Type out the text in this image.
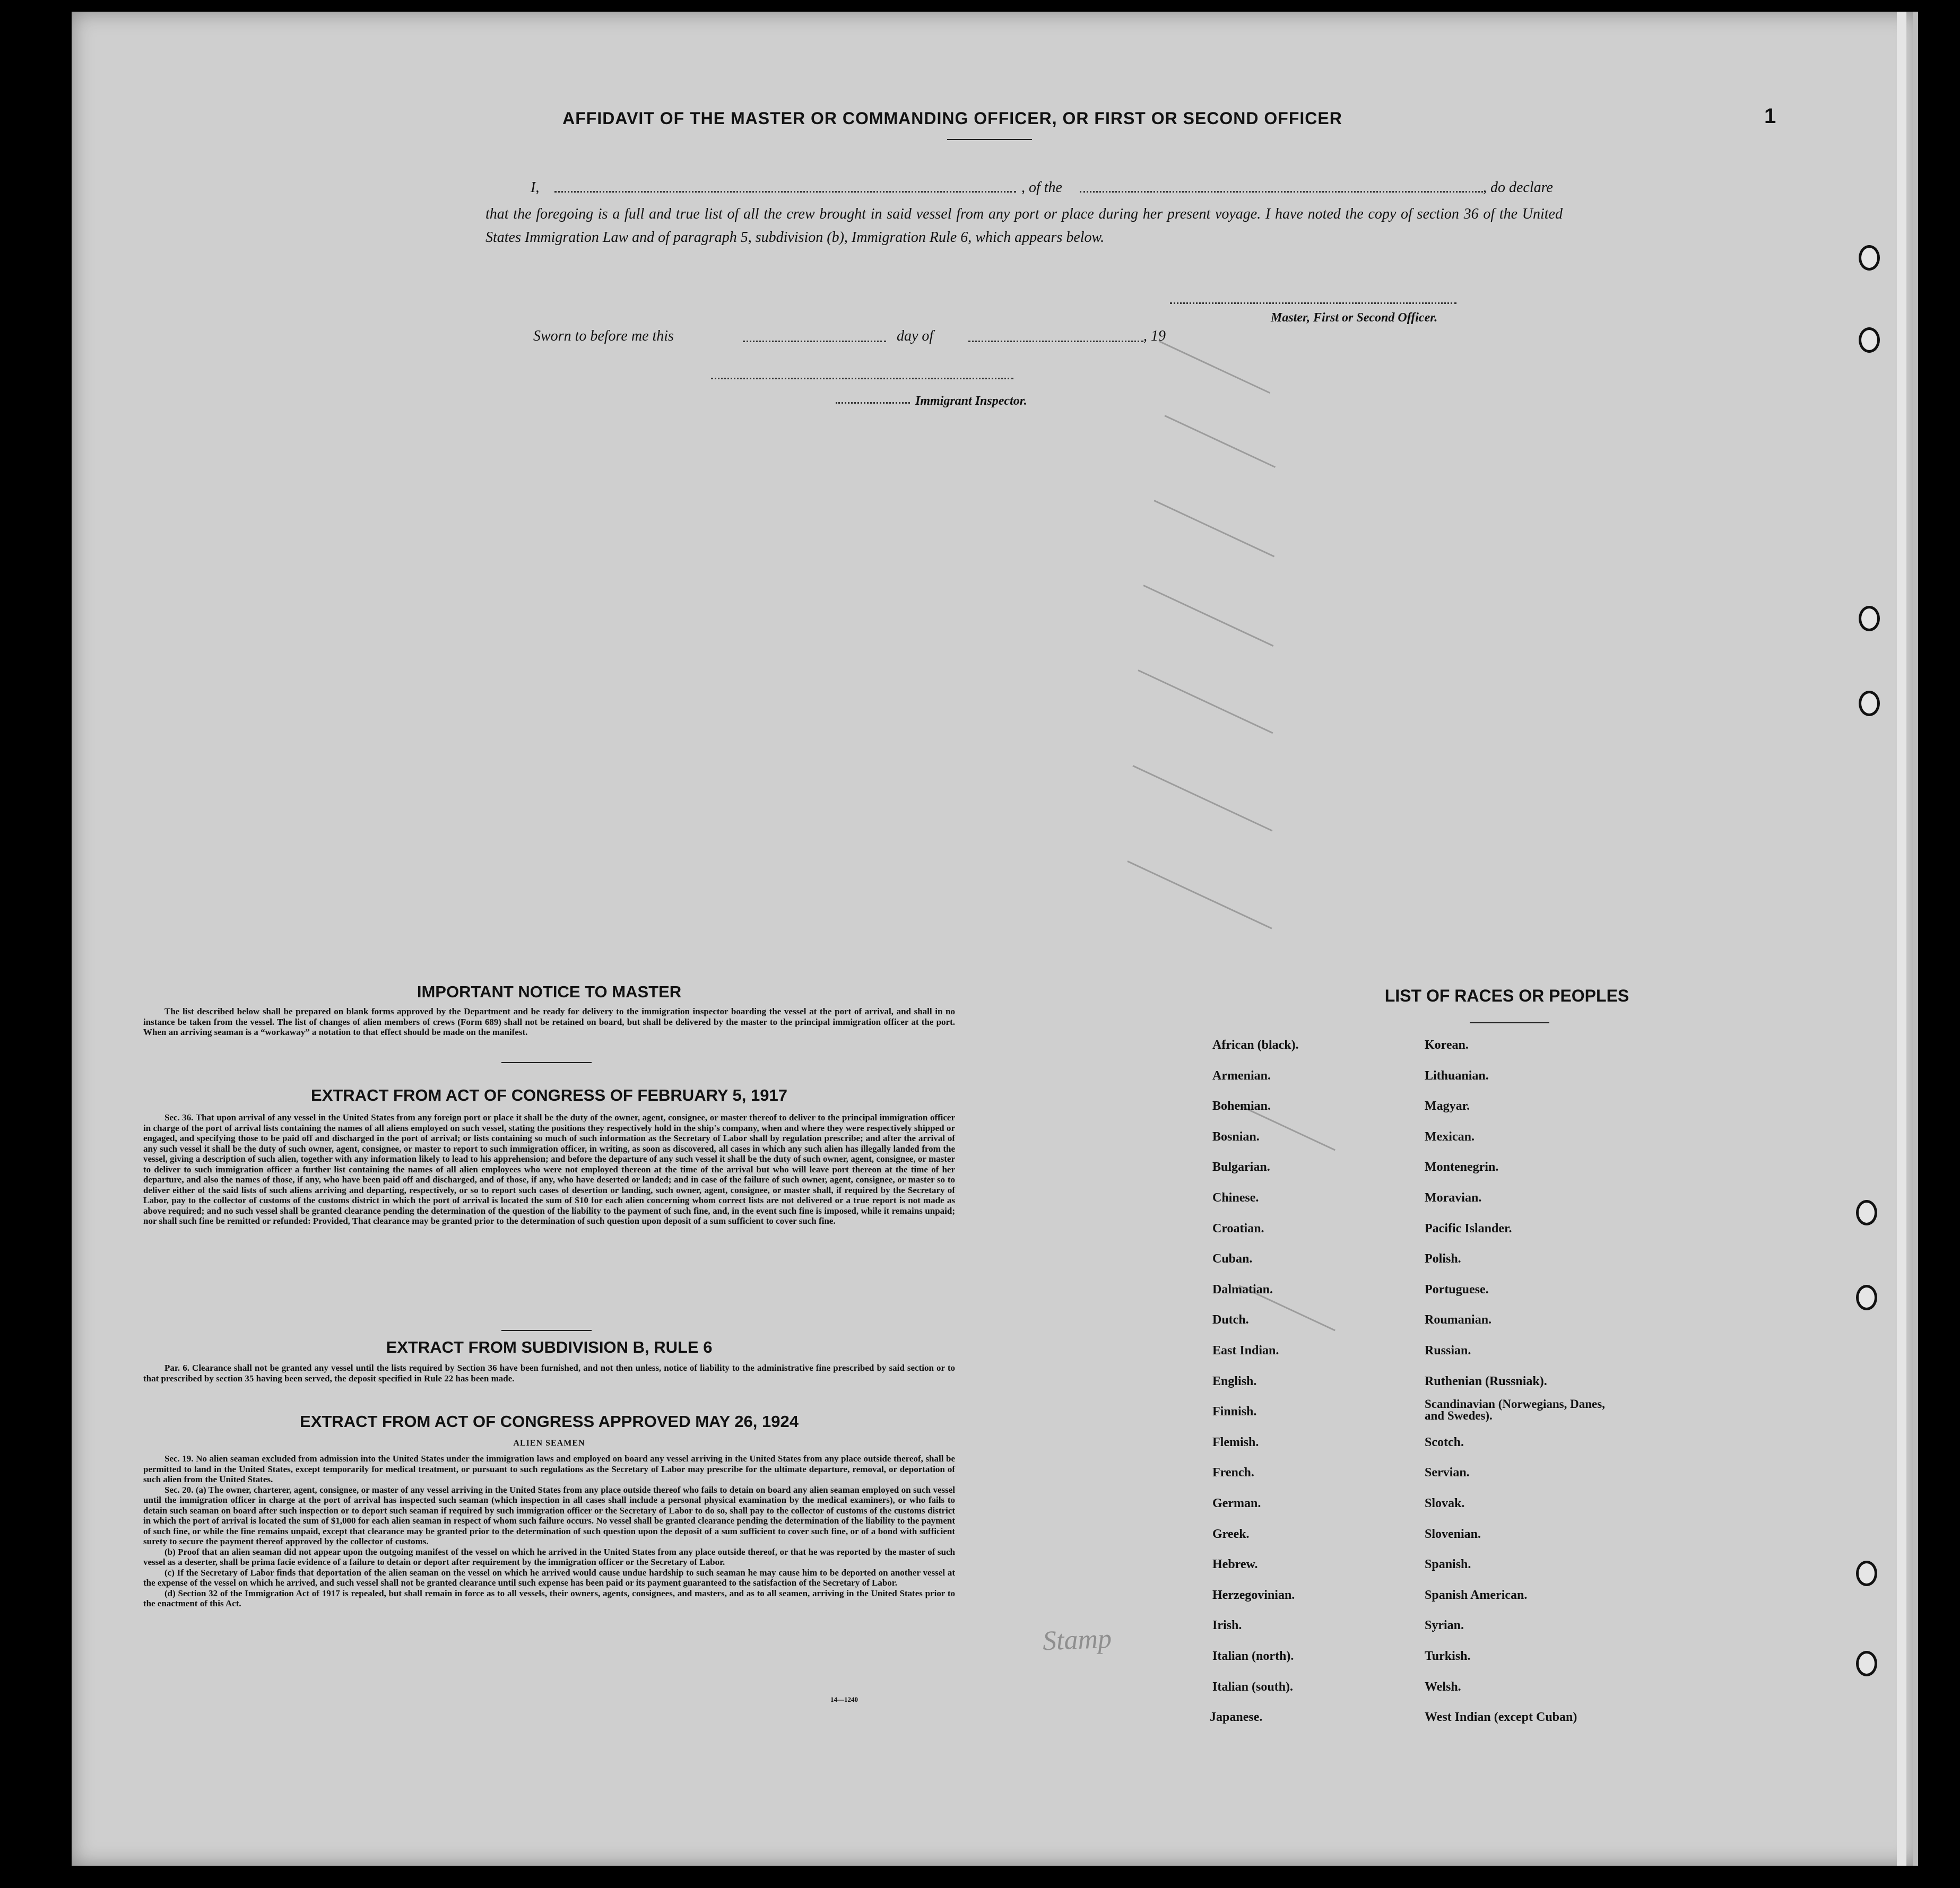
1
AFFIDAVIT OF THE MASTER OR COMMANDING OFFICER, OR FIRST OR SECOND OFFICER
I,	, of the	, do declare
that the foregoing is a full and true list of all the crew brought in said vessel from any port or place during her present voyage. I have noted the copy of section 36 of the United States Immigration Law and of paragraph 5, subdivision (b), Immigration Rule 6, which appears below.
Master, First or Second Officer.
Sworn to before me this	day of	, 19
Immigrant Inspector.
IMPORTANT NOTICE TO MASTER

The list described below shall be prepared on blank forms approved by the Department and be ready for delivery to the immigration inspector boarding the vessel at the port of arrival, and shall in no instance be taken from the vessel. The list of changes of alien members of crews (Form 689) shall not be retained on board, but shall be delivered by the master to the principal immigration officer at the port. When an arriving seaman is a “workaway” a notation to that effect should be made on the manifest.

EXTRACT FROM ACT OF CONGRESS OF FEBRUARY 5, 1917

Sec. 36. That upon arrival of any vessel in the United States from any foreign port or place it shall be the duty of the owner, agent, consignee, or master thereof to deliver to the principal immigration officer in charge of the port of arrival lists containing the names of all aliens employed on such vessel, stating the positions they respectively hold in the ship's company, when and where they were respectively shipped or engaged, and specifying those to be paid off and discharged in the port of arrival; or lists containing so much of such information as the Secretary of Labor shall by regulation prescribe; and after the arrival of any such vessel it shall be the duty of such owner, agent, consignee, or master to report to such immigration officer, in writing, as soon as discovered, all cases in which any such alien has illegally landed from the vessel, giving a description of such alien, together with any information likely to lead to his apprehension; and before the departure of any such vessel it shall be the duty of such owner, agent, consignee, or master to deliver to such immigration officer a further list containing the names of all alien employees who were not employed thereon at the time of the arrival but who will leave port thereon at the time of her departure, and also the names of those, if any, who have been paid off and discharged, and of those, if any, who have deserted or landed; and in case of the failure of such owner, agent, consignee, or master so to deliver either of the said lists of such aliens arriving and departing, respectively, or so to report such cases of desertion or landing, such owner, agent, consignee, or master shall, if required by the Secretary of Labor, pay to the collector of customs of the customs district in which the port of arrival is located the sum of $10 for each alien concerning whom correct lists are not delivered or a true report is not made as above required; and no such vessel shall be granted clearance pending the determination of the question of the liability to the payment of such fine, and, in the event such fine is imposed, while it remains unpaid; nor shall such fine be remitted or refunded: Provided, That clearance may be granted prior to the determination of such question upon deposit of a sum sufficient to cover such fine.

EXTRACT FROM SUBDIVISION B, RULE 6

Par. 6. Clearance shall not be granted any vessel until the lists required by Section 36 have been furnished, and not then unless, notice of liability to the administrative fine prescribed by said section or to that prescribed by section 35 having been served, the deposit specified in Rule 22 has been made.

EXTRACT FROM ACT OF CONGRESS APPROVED MAY 26, 1924
ALIEN SEAMEN

Sec. 19. No alien seaman excluded from admission into the United States under the immigration laws and employed on board any vessel arriving in the United States from any place outside thereof, shall be permitted to land in the United States, except temporarily for medical treatment, or pursuant to such regulations as the Secretary of Labor may prescribe for the ultimate departure, removal, or deportation of such alien from the United States.

Sec. 20. (a) The owner, charterer, agent, consignee, or master of any vessel arriving in the United States from any place outside thereof who fails to detain on board any alien seaman employed on such vessel until the immigration officer in charge at the port of arrival has inspected such seaman (which inspection in all cases shall include a personal physical examination by the medical examiners), or who fails to detain such seaman on board after such inspection or to deport such seaman if required by such immigration officer or the Secretary of Labor to do so, shall pay to the collector of customs of the customs district in which the port of arrival is located the sum of $1,000 for each alien seaman in respect of whom such failure occurs. No vessel shall be granted clearance pending the determination of the liability to the payment of such fine, or while the fine remains unpaid, except that clearance may be granted prior to the determination of such question upon the deposit of a sum sufficient to cover such fine, or of a bond with sufficient surety to secure the payment thereof approved by the collector of customs.

(b) Proof that an alien seaman did not appear upon the outgoing manifest of the vessel on which he arrived in the United States from any place outside thereof, or that he was reported by the master of such vessel as a deserter, shall be prima facie evidence of a failure to detain or deport after requirement by the immigration officer or the Secretary of Labor.

(c) If the Secretary of Labor finds that deportation of the alien seaman on the vessel on which he arrived would cause undue hardship to such seaman he may cause him to be deported on another vessel at the expense of the vessel on which he arrived, and such vessel shall not be granted clearance until such expense has been paid or its payment guaranteed to the satisfaction of the Secretary of Labor.

(d) Section 32 of the Immigration Act of 1917 is repealed, but shall remain in force as to all vessels, their owners, agents, consignees, and masters, and as to all seamen, arriving in the United States prior to the enactment of this Act.

14—1240
Stamp
LIST OF RACES OR PEOPLES
African (black).
Armenian.
Bohemian.
Bosnian.
Bulgarian.
Chinese.
Croatian.
Cuban.
Dalmatian.
Dutch.
East Indian.
English.
Finnish.
Flemish.
French.
German.
Greek.
Hebrew.
Herzegovinian.
Irish.
Italian (north).
Italian (south).
Japanese.
Korean.
Lithuanian.
Magyar.
Mexican.
Montenegrin.
Moravian.
Pacific Islander.
Polish.
Portuguese.
Roumanian.
Russian.
Ruthenian (Russniak).
Scandinavian (Norwegians, Danes, and Swedes).
Scotch.
Servian.
Slovak.
Slovenian.
Spanish.
Spanish American.
Syrian.
Turkish.
Welsh.
West Indian (except Cuban)
